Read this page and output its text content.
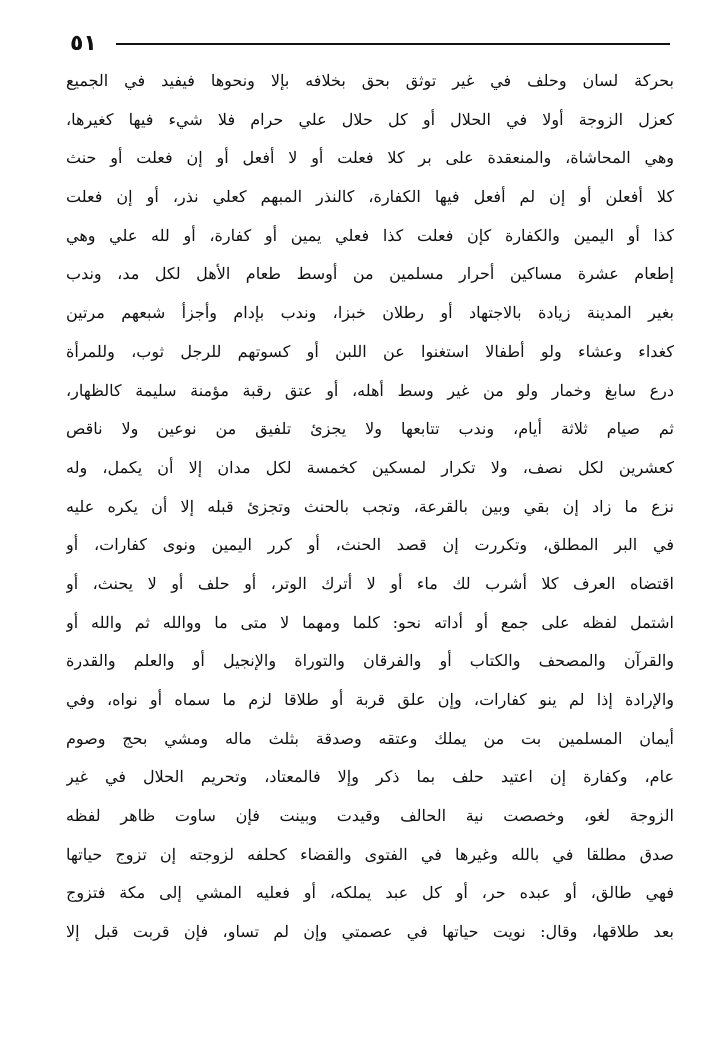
٥١
بحركة لسان وحلف في غير توثق بحق بخلافه بإلا ونحوها فيفيد في الجميع
كعزل الزوجة أولا في الحلال أو كل حلال علي حرام فلا شيء فيها كغيرها،
وهي المحاشاة، والمنعقدة على بر كلا فعلت أو لا أفعل أو إن فعلت أو حنث
كلا أفعلن أو إن لم أفعل فيها الكفارة، كالنذر المبهم كعلي نذر، أو إن فعلت
كذا أو اليمين والكفارة كإن فعلت كذا فعلي يمين أو كفارة، أو لله علي وهي
إطعام عشرة مساكين أحرار مسلمين من أوسط طعام الأهل لكل مد، وندب
بغير المدينة زيادة بالاجتهاد أو رطلان خبزا، وندب بإدام وأجزأ شبعهم مرتين
كغداء وعشاء ولو أطفالا استغنوا عن اللبن أو كسوتهم للرجل ثوب، وللمرأة
درع سابغ وخمار ولو من غير وسط أهله، أو عتق رقبة مؤمنة سليمة كالظهار،
ثم صيام ثلاثة أيام، وندب تتابعها ولا يجزئ تلفيق من نوعين ولا ناقص
كعشرين لكل نصف، ولا تكرار لمسكين كخمسة لكل مدان إلا أن يكمل، وله
نزع ما زاد إن بقي وبين بالقرعة، وتجب بالحنث وتجزئ قبله إلا أن يكره عليه
في البر المطلق، وتكررت إن قصد الحنث، أو كرر اليمين ونوى كفارات، أو
اقتضاه العرف كلا أشرب لك ماء أو لا أترك الوتر، أو حلف أو لا يحنث، أو
اشتمل لفظه على جمع أو أداته نحو: كلما ومهما لا متى ما ووالله ثم والله أو
والقرآن والمصحف والكتاب أو والفرقان والتوراة والإنجيل أو والعلم والقدرة
والإرادة إذا لم ينو كفارات، وإن علق قربة أو طلاقا لزم ما سماه أو نواه، وفي
أيمان المسلمين بت من يملك وعتقه وصدقة بثلث ماله ومشي بحج وصوم
عام، وكفارة إن اعتيد حلف بما ذكر وإلا فالمعتاد، وتحريم الحلال في غير
الزوجة لغو، وخصصت نية الحالف وقيدت وبينت فإن ساوت ظاهر لفظه
صدق مطلقا في بالله وغيرها في الفتوى والقضاء كحلفه لزوجته إن تزوج حياتها
فهي طالق، أو عبده حر، أو كل عبد يملكه، أو فعليه المشي إلى مكة فتزوج
بعد طلاقها، وقال: نويت حياتها في عصمتي وإن لم تساو، فإن قربت قبل إلا
